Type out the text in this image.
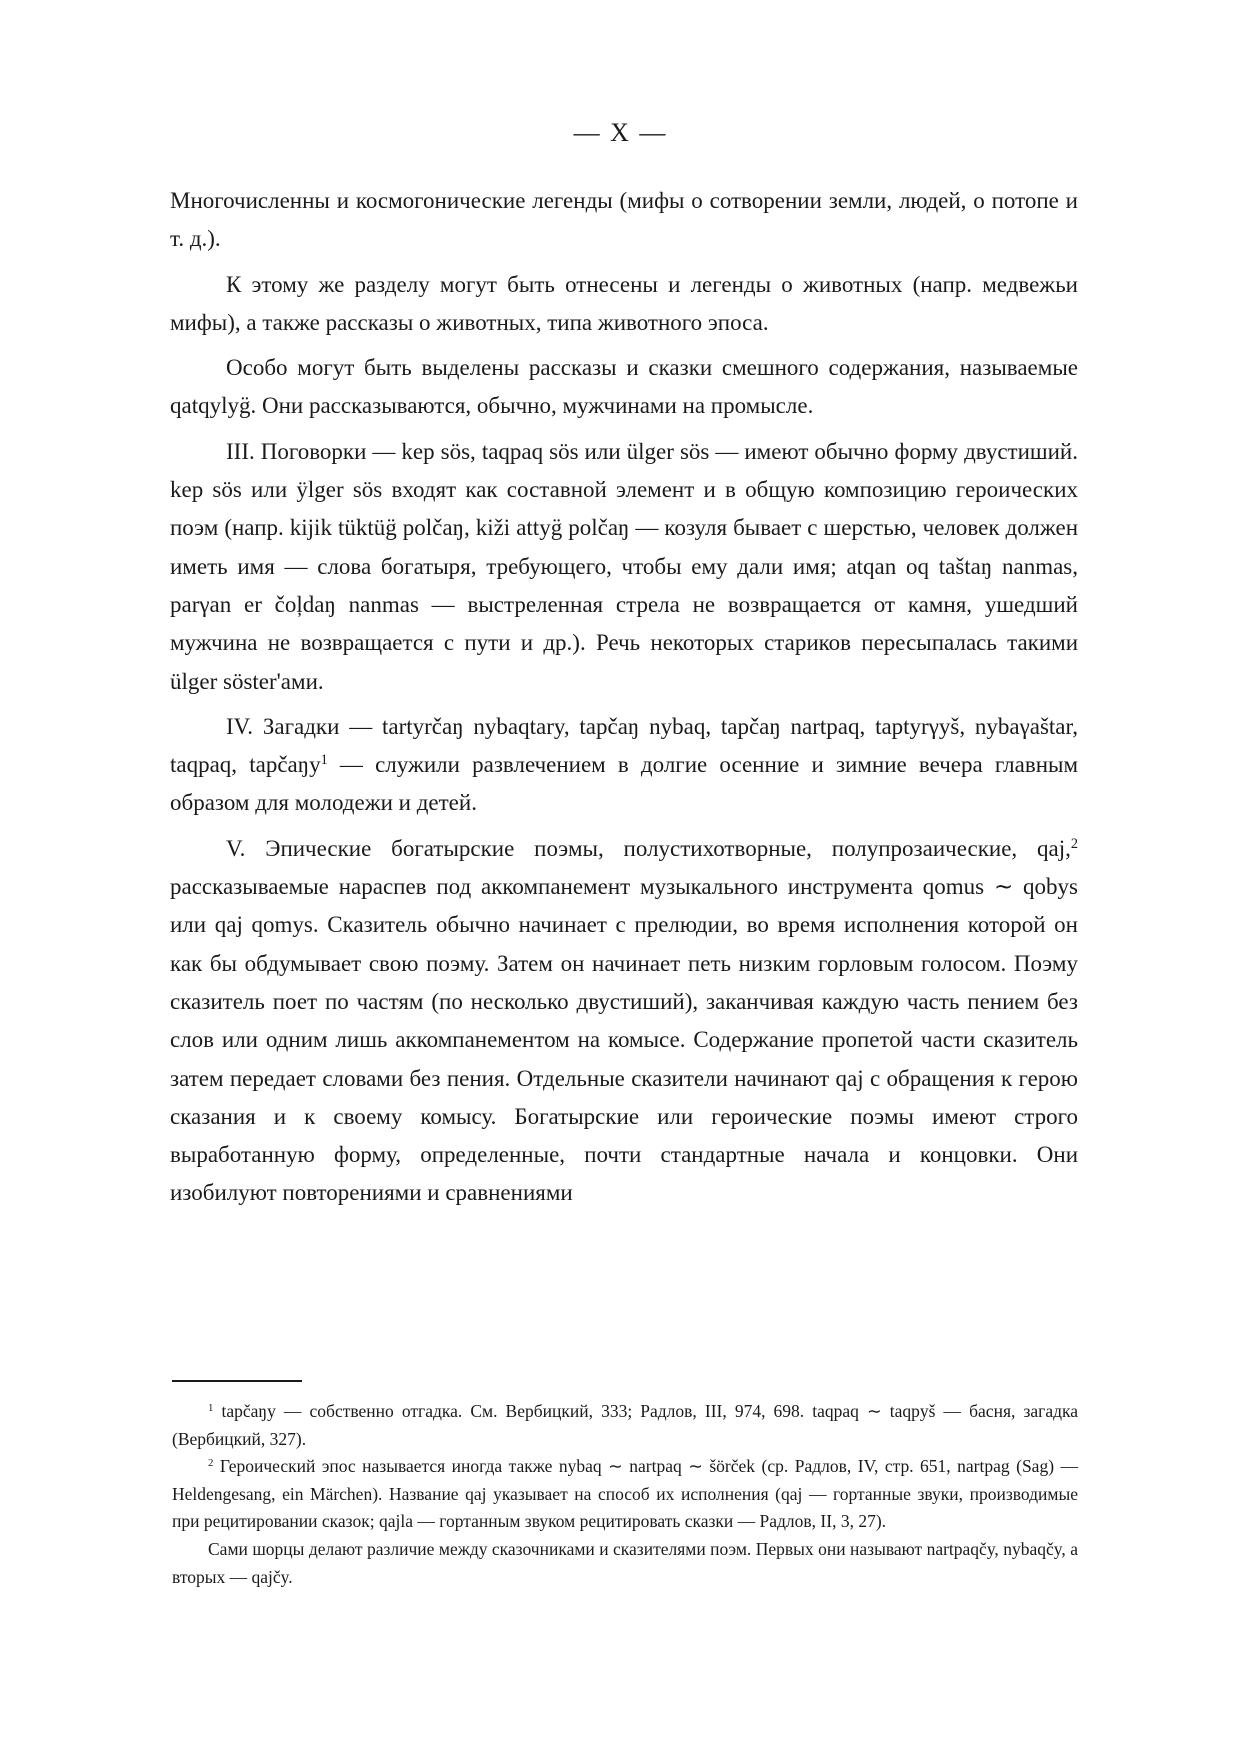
— X —

Многочисленны и космогонические легенды (мифы о сотворении земли, людей, о потопе и т. д.).

К этому же разделу могут быть отнесены и легенды о животных (напр. медвежьи мифы), а также рассказы о животных, типа животного эпоса.

Особо могут быть выделены рассказы и сказки смешного содержания, называемые qatqylyg̈. Они рассказываются, обычно, мужчинами на промысле.

III. Поговорки — kep sös, taqpaq sös или ülger sös — имеют обычно форму двустиший. kep sös или ÿlger sös входят как составной элемент и в общую композицию героических поэм (напр. kijik tüktüg̈ polčaŋ, kiži attyg̈ polčaŋ — козуля бывает с шерстью, человек должен иметь имя — слова богатыря, требующего, чтобы ему дали имя; atqan oq taštaŋ nanmas, parγan er čoļdaŋ nanmas — выстреленная стрела не возвращается от камня, ушедший мужчина не возвращается с пути и др.). Речь некоторых стариков пересыпалась такими ülger söster'ами.

IV. Загадки — tartyrčaŋ nybaqtary, tapčaŋ nybaq, tapčaŋ nartpaq, taptyrγyš, nybaγaštar, taqpaq, tapčaŋy$^1$ — служили развлечением в долгие осенние и зимние вечера главным образом для молодежи и детей.

V. Эпические богатырские поэмы, полустихотворные, полупрозаические, qaj,$^2$ рассказываемые нараспев под аккомпанемент музыкального инструмента qomus ∼ qobys или qaj qomys. Сказитель обычно начинает с прелюдии, во время исполнения которой он как бы обдумывает свою поэму. Затем он начинает петь низким горловым голосом. Поэму сказитель поет по частям (по несколько двустиший), заканчивая каждую часть пением без слов или одним лишь аккомпанементом на комысе. Содержание пропетой части сказитель затем передает словами без пения. Отдельные сказители начинают qaj с обращения к герою сказания и к своему комысу. Богатырские или героические поэмы имеют строго выработанную форму, определенные, почти стандартные начала и концовки. Они изобилуют повторениями и сравнениями

$^1$ tapčaŋy — собственно отгадка. См. Вербицкий, 333; Радлов, III, 974, 698. taqpaq ∼ taqpyš — басня, загадка (Вербицкий, 327).

$^2$ Героический эпос называется иногда также nybaq ∼ nartpaq ∼ šörček (ср. Радлов, IV, стр. 651, nartpag (Sag) — Heldengesang, ein Märchen). Название qaj указывает на способ их исполнения (qaj — гортанные звуки, производимые при рецитировании сказок; qajla — гортанным звуком рецитировать сказки — Радлов, II, 3, 27).

Сами шорцы делают различие между сказочниками и сказителями поэм. Первых они называют nartpaqčy, nybaqčy, а вторых — qajčy.
